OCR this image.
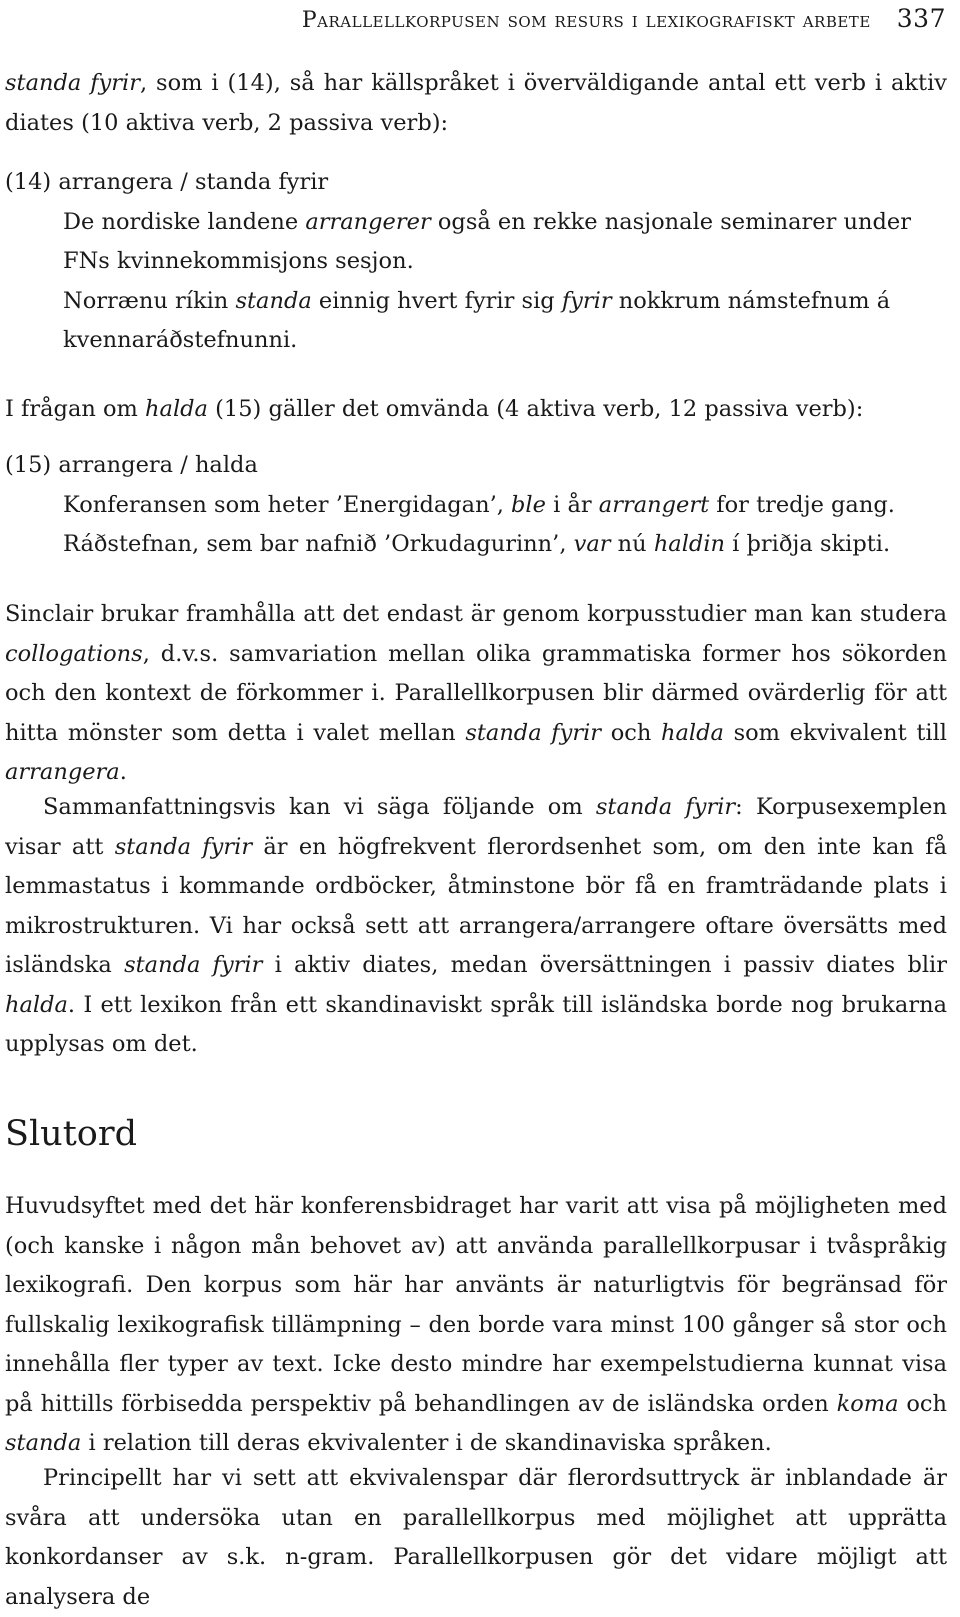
Parallellkorpusen som resurs i lexikografiskt arbete 337

standa fyrir, som i (14), så har källspråket i överväldigande antal ett verb i aktiv diates (10 aktiva verb, 2 passiva verb):

(14) arrangera / standa fyrir
De nordiske landene arrangerer også en rekke nasjonale seminarer under FNs kvinnekommisjons sesjon.
Norrænu ríkin standa einnig hvert fyrir sig fyrir nokkrum námstefnum á kvennaráðstefnunni.

I frågan om halda (15) gäller det omvända (4 aktiva verb, 12 passiva verb):

(15) arrangera / halda
Konferansen som heter ’Energidagan’, ble i år arrangert for tredje gang.
Ráðstefnan, sem bar nafnið ’Orkudagurinn’, var nú haldin í þriðja skipti.

Sinclair brukar framhålla att det endast är genom korpusstudier man kan studera collogations, d.v.s. samvariation mellan olika grammatiska former hos sökorden och den kontext de förkommer i. Parallellkorpusen blir därmed ovärderlig för att hitta mönster som detta i valet mellan standa fyrir och halda som ekvivalent till arrangera.

Sammanfattningsvis kan vi säga följande om standa fyrir: Korpusexemplen visar att standa fyrir är en högfrekvent flerordsenhet som, om den inte kan få lemmastatus i kommande ordböcker, åtminstone bör få en framträdande plats i mikrostrukturen. Vi har också sett att arrangera/arrangere oftare översätts med isländska standa fyrir i aktiv diates, medan översättningen i passiv diates blir halda. I ett lexikon från ett skandinaviskt språk till isländska borde nog brukarna upplysas om det.

Slutord

Huvudsyftet med det här konferensbidraget har varit att visa på möjligheten med (och kanske i någon mån behovet av) att använda parallellkorpusar i tvåspråkig lexikografi. Den korpus som här har använts är naturligtvis för begränsad för fullskalig lexikografisk tillämpning – den borde vara minst 100 gånger så stor och innehålla fler typer av text. Icke desto mindre har exempelstudierna kunnat visa på hittills förbisedda perspektiv på behandlingen av de isländska orden koma och standa i relation till deras ekvivalenter i de skandinaviska språken.

Principellt har vi sett att ekvivalenspar där flerordsuttryck är inblandade är svåra att undersöka utan en parallellkorpus med möjlighet att upprätta konkordanser av s.k. n-gram. Parallellkorpusen gör det vidare möjligt att analysera de
